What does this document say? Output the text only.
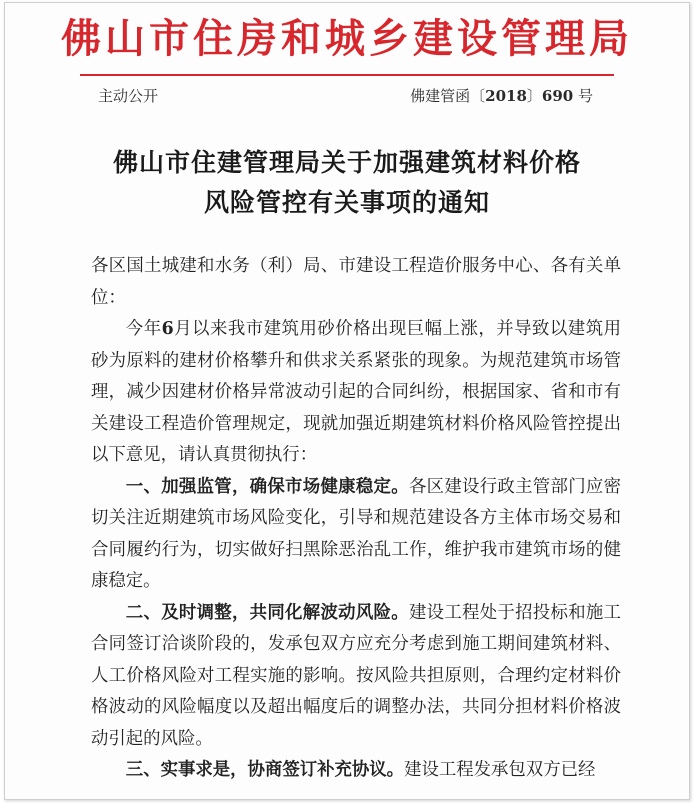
佛山市住房和城乡建设管理局
主动公开	佛建管函〔2018〕690 号
佛山市住建管理局关于加强建筑材料价格
风险管控有关事项的通知

各区国土城建和水务（利）局、市建设工程造价服务中心、各有关单位：

今年6月以来我市建筑用砂价格出现巨幅上涨，并导致以建筑用砂为原料的建材价格攀升和供求关系紧张的现象。为规范建筑市场管理，减少因建材价格异常波动引起的合同纠纷，根据国家、省和市有关建设工程造价管理规定，现就加强近期建筑材料价格风险管控提出以下意见，请认真贯彻执行：

一、加强监管，确保市场健康稳定。各区建设行政主管部门应密切关注近期建筑市场风险变化，引导和规范建设各方主体市场交易和合同履约行为，切实做好扫黑除恶治乱工作，维护我市建筑市场的健康稳定。

二、及时调整，共同化解波动风险。建设工程处于招投标和施工合同签订洽谈阶段的，发承包双方应充分考虑到施工期间建筑材料、人工价格风险对工程实施的影响。按风险共担原则，合理约定材料价格波动的风险幅度以及超出幅度后的调整办法，共同分担材料价格波动引起的风险。

三、实事求是，协商签订补充协议。建设工程发承包双方已经
